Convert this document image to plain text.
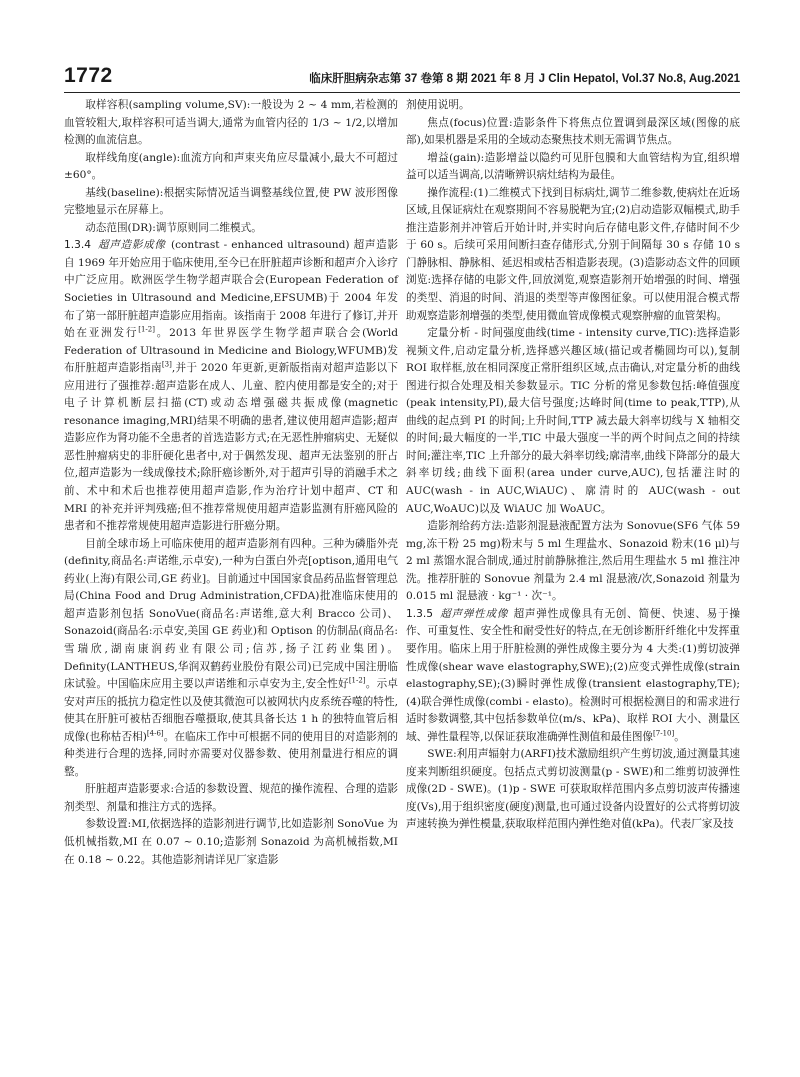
1772	临床肝胆病杂志第 37 卷第 8 期 2021 年 8 月 J Clin Hepatol, Vol.37 No.8, Aug.2021

取样容积(sampling volume,SV):一般设为 2 ~ 4 mm,若检测的血管较粗大,取样容积可适当调大,通常为血管内径的 1/3 ~ 1/2,以增加检测的血流信息。

取样线角度(angle):血流方向和声束夹角应尽量减小,最大不可超过 ±60°。

基线(baseline):根据实际情况适当调整基线位置,使 PW 波形图像完整地显示在屏幕上。

动态范围(DR):调节原则同二维模式。

1.3.4 超声造影成像 (contrast - enhanced ultrasound) 超声造影自 1969 年开始应用于临床使用,至今已在肝脏超声诊断和超声介入诊疗中广泛应用。欧洲医学生物学超声联合会(European Federation of Societies in Ultrasound and Medicine,EFSUMB)于 2004 年发布了第一部肝脏超声造影应用指南。该指南于 2008 年进行了修订,并开始在亚洲发行[1-2]。2013 年世界医学生物学超声联合会(World Federation of Ultrasound in Medicine and Biology,WFUMB)发布肝脏超声造影指南[3],并于 2020 年更新,更新版指南对超声造影以下应用进行了强推荐:超声造影在成人、儿童、腔内使用都是安全的;对于电子计算机断层扫描(CT)或动态增强磁共振成像(magnetic resonance imaging,MRI)结果不明确的患者,建议使用超声造影;超声造影应作为肾功能不全患者的首选造影方式;在无恶性肿瘤病史、无疑似恶性肿瘤病史的非肝硬化患者中,对于偶然发现、超声无法鉴别的肝占位,超声造影为一线成像技术;除肝癌诊断外,对于超声引导的消融手术之前、术中和术后也推荐使用超声造影,作为治疗计划中超声、CT 和 MRI 的补充并评判残癌;但不推荐常规使用超声造影监测有肝癌风险的患者和不推荐常规使用超声造影进行肝癌分期。

目前全球市场上可临床使用的超声造影剂有四种。三种为磷脂外壳(definity,商品名:声诺维,示卓安),一种为白蛋白外壳[optison,通用电气药业(上海)有限公司,GE 药业]。目前通过中国国家食品药品监督管理总局(China Food and Drug Administration,CFDA)批准临床使用的超声造影剂包括 SonoVue(商品名:声诺维,意大利 Bracco 公司)、Sonazoid(商品名:示卓安,美国 GE 药业)和 Optison 的仿制品(商品名:雪瑞欣,湖南康润药业有限公司;信苏,扬子江药业集团)。Definity(LANTHEUS,华润双鹤药业股份有限公司)已完成中国注册临床试验。中国临床应用主要以声诺维和示卓安为主,安全性好[1-2]。示卓安对声压的抵抗力稳定性以及使其微泡可以被网状内皮系统吞噬的特性,使其在肝脏可被枯否细胞吞噬摄取,使其具备长达 1 h 的独特血管后相成像(也称枯否相)[4-6]。在临床工作中可根据不同的使用目的对造影剂的种类进行合理的选择,同时亦需要对仪器参数、使用剂量进行相应的调整。

肝脏超声造影要求:合适的参数设置、规范的操作流程、合理的造影剂类型、剂量和推注方式的选择。

参数设置:MI,依据选择的造影剂进行调节,比如造影剂 SonoVue 为低机械指数,MI 在 0.07 ~ 0.10;造影剂 Sonazoid 为高机械指数,MI 在 0.18 ~ 0.22。其他造影剂请详见厂家造影

剂使用说明。

焦点(focus)位置:造影条件下将焦点位置调到最深区域(图像的底部),如果机器是采用的全域动态聚焦技术则无需调节焦点。

增益(gain):造影增益以隐约可见肝包膜和大血管结构为宜,组织增益可以适当调高,以清晰辨识病灶结构为最佳。

操作流程:(1)二维模式下找到目标病灶,调节二维参数,使病灶在近场区域,且保证病灶在观察期间不容易脱靶为宜;(2)启动造影双幅模式,助手推注造影剂并冲管后开始计时,并实时向后存储电影文件,存储时间不少于 60 s。后续可采用间断扫查存储形式,分别于间隔每 30 s 存储 10 s 门静脉相、静脉相、延迟相或枯否相造影表现。(3)造影动态文件的回顾浏览:选择存储的电影文件,回放浏览,观察造影剂开始增强的时间、增强的类型、消退的时间、消退的类型等声像图征象。可以使用混合模式帮助观察造影剂增强的类型,使用微血管成像模式观察肿瘤的血管架构。

定量分析 - 时间强度曲线(time - intensity curve,TIC):选择造影视频文件,启动定量分析,选择感兴趣区域(描记或者椭圆均可以),复制 ROI 取样框,放在相同深度正常肝组织区域,点击确认,对定量分析的曲线图进行拟合处理及相关参数显示。TIC 分析的常见参数包括:峰值强度(peak intensity,PI),最大信号强度;达峰时间(time to peak,TTP),从曲线的起点到 PI 的时间;上升时间,TTP 减去最大斜率切线与 X 轴相交的时间;最大幅度的一半,TIC 中最大强度一半的两个时间点之间的持续时间;灌注率,TIC 上升部分的最大斜率切线;廓清率,曲线下降部分的最大斜率切线;曲线下面积(area under curve,AUC),包括灌注时的 AUC(wash - in AUC,WiAUC)、廓清时的 AUC(wash - out AUC,WoAUC)以及 WiAUC 加 WoAUC。

造影剂给药方法:造影剂混悬液配置方法为 Sonovue(SF6 气体 59 mg,冻干粉 25 mg)粉末与 5 ml 生理盐水、Sonazoid 粉末(16 μl)与 2 ml 蒸馏水混合制成,通过肘前静脉推注,然后用生理盐水 5 ml 推注冲洗。推荐肝脏的 Sonovue 剂量为 2.4 ml 混悬液/次,Sonazoid 剂量为 0.015 ml 混悬液 · kg⁻¹ · 次⁻¹。

1.3.5 超声弹性成像 超声弹性成像具有无创、简便、快速、易于操作、可重复性、安全性和耐受性好的特点,在无创诊断肝纤维化中发挥重要作用。临床上用于肝脏检测的弹性成像主要分为 4 大类:(1)剪切波弹性成像(shear wave elastography,SWE);(2)应变式弹性成像(strain elastography,SE);(3)瞬时弹性成像(transient elastography,TE);(4)联合弹性成像(combi - elasto)。检测时可根据检测目的和需求进行适时参数调整,其中包括参数单位(m/s、kPa)、取样 ROI 大小、测量区域、弹性量程等,以保证获取准确弹性测值和最佳图像[7-10]。

SWE:利用声辐射力(ARFI)技术激励组织产生剪切波,通过测量其速度来判断组织硬度。包括点式剪切波测量(p - SWE)和二维剪切波弹性成像(2D - SWE)。(1)p - SWE 可获取取样范围内多点剪切波声传播速度(Vs),用于组织密度(硬度)测量,也可通过设备内设置好的公式将剪切波声速转换为弹性模量,获取取样范围内弹性绝对值(kPa)。代表厂家及技
